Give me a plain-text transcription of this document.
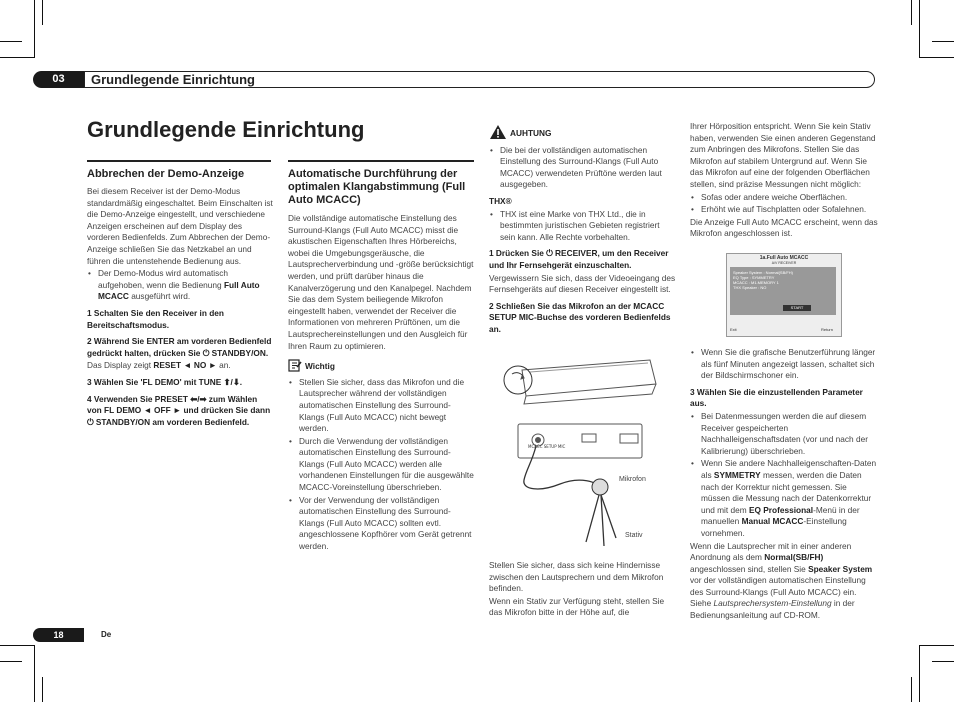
03	Grundlegende Einrichtung
Grundlegende Einrichtung

Abbrechen der Demo-Anzeige

Bei diesem Receiver ist der Demo-Modus standardmäßig eingeschaltet. Beim Einschalten ist die Demo-Anzeige eingestellt, und verschiedene Anzeigen erscheinen auf dem Display des vorderen Bedienfelds. Zum Abbrechen der Demo-Anzeige schließen Sie das Netzkabel an und führen die untenstehende Bedienung aus.

• Der Demo-Modus wird automatisch aufgehoben, wenn die Bedienung Full Auto MCACC ausgeführt wird.

1 Schalten Sie den Receiver in den Bereitschaftsmodus.

2 Während Sie ENTER am vorderen Bedienfeld gedrückt halten, drücken Sie ⏻ STANDBY/ON.

Das Display zeigt RESET ◄ NO ► an.

3 Wählen Sie 'FL DEMO' mit TUNE ⬆/⬇.

4 Verwenden Sie PRESET ⬅/➡ zum Wählen von FL DEMO ◄ OFF ► und drücken Sie dann ⏻ STANDBY/ON am vorderen Bedienfeld.

Automatische Durchführung der optimalen Klangabstimmung (Full Auto MCACC)

Die vollständige automatische Einstellung des Surround-Klangs (Full Auto MCACC) misst die akustischen Eigenschaften Ihres Hörbereichs, wobei die Umgebungsgeräusche, die Lautsprecherverbindung und -größe berücksichtigt werden, und prüft darüber hinaus die Kanalverzögerung und den Kanalpegel. Nachdem Sie das dem System beiliegende Mikrofon eingestellt haben, verwendet der Receiver die Informationen von mehreren Prüftönen, um die Lautsprechereinstellungen und den Ausgleich für Ihren Raum zu optimieren.

Wichtig

• Stellen Sie sicher, dass das Mikrofon und die Lautsprecher während der vollständigen automatischen Einstellung des Surround-Klangs (Full Auto MCACC) nicht bewegt werden.

• Durch die Verwendung der vollständigen automatischen Einstellung des Surround-Klangs (Full Auto MCACC) werden alle vorhandenen Einstellungen für die ausgewählte MCACC-Voreinstellung überschrieben.

• Vor der Verwendung der vollständigen automatischen Einstellung des Surround-Klangs (Full Auto MCACC) sollten evtl. angeschlossene Kopfhörer vom Gerät getrennt werden.

AUHTUNG

• Die bei der vollständigen automatischen Einstellung des Surround-Klangs (Full Auto MCACC) verwendeten Prüftöne werden laut ausgegeben.

THX®

• THX ist eine Marke von THX Ltd., die in bestimmten juristischen Gebieten registriert sein kann. Alle Rechte vorbehalten.

1 Drücken Sie ⏻ RECEIVER, um den Receiver und Ihr Fernsehgerät einzuschalten.

Vergewissern Sie sich, dass der Videoeingang des Fernsehgeräts auf diesen Receiver eingestellt ist.

2 Schließen Sie das Mikrofon an der MCACC SETUP MIC-Buchse des vorderen Bedienfelds an.

MCACC SETUP MIC
Mikrofon
Stativ

Stellen Sie sicher, dass sich keine Hindernisse zwischen den Lautsprechern und dem Mikrofon befinden.

Wenn ein Stativ zur Verfügung steht, stellen Sie das Mikrofon bitte in der Höhe auf, die

Ihrer Hörposition entspricht. Wenn Sie kein Stativ haben, verwenden Sie einen anderen Gegenstand zum Anbringen des Mikrofons. Stellen Sie das Mikrofon auf stabilem Untergrund auf. Wenn Sie das Mikrofon auf eine der folgenden Oberflächen stellen, sind präzise Messungen nicht möglich:

• Sofas oder andere weiche Oberflächen.

• Erhöht wie auf Tischplatten oder Sofalehnen.

Die Anzeige Full Auto MCACC erscheint, wenn das Mikrofon angeschlossen ist.

1a.Full Auto MCACC
A/V RECEIVER
Speaker System : Normal(SB/FH)
EQ Type : SYMMETRY
MCACC : M1.MEMORY 1
THX Speaker : NO
START
Exit	Return

• Wenn Sie die grafische Benutzerführung länger als fünf Minuten angezeigt lassen, schaltet sich der Bildschirmschoner ein.

3 Wählen Sie die einzustellenden Parameter aus.

• Bei Datenmessungen werden die auf diesem Receiver gespeicherten Nachhalleigenschaftsdaten (vor und nach der Kalibrierung) überschrieben.

• Wenn Sie andere Nachhalleigenschaften-Daten als SYMMETRY messen, werden die Daten nach der Korrektur nicht gemessen. Sie müssen die Messung nach der Datenkorrektur und mit dem EQ Professional-Menü in der manuellen Manual MCACC-Einstellung vornehmen.

Wenn die Lautsprecher mit in einer anderen Anordnung als dem Normal(SB/FH) angeschlossen sind, stellen Sie Speaker System vor der vollständigen automatischen Einstellung des Surround-Klangs (Full Auto MCACC) ein. Siehe Lautsprechersystem-Einstellung in der Bedienungsanleitung auf CD-ROM.

18	De
